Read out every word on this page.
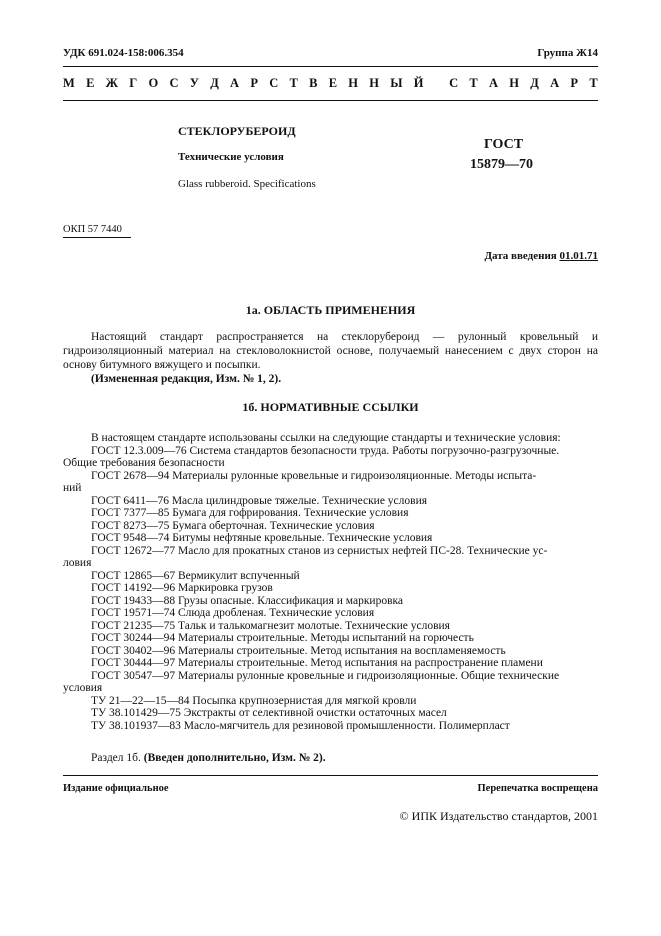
УДК 691.024-158:006.354	Группа Ж14
М Е Ж Г О С У Д А Р С Т В Е Н Н Ы Й
С Т А Н Д А Р Т
СТЕКЛОРУБЕРОИД
Технические условия
Glass rubberoid. Specifications
ГОСТ
15879—70
ОКП 57 7440
Дата введения 01.01.71
1а. ОБЛАСТЬ ПРИМЕНЕНИЯ
Настоящий стандарт распространяется на стеклорубероид — рулонный кровельный и гидроизоляционный материал на стекловолокнистой основе, получаемый нанесением с двух сторон на основу битумного вяжущего и посыпки.
(Измененная редакция, Изм. № 1, 2).
1б. НОРМАТИВНЫЕ ССЫЛКИ
В настоящем стандарте использованы ссылки на следующие стандарты и технические условия:
ГОСТ 12.3.009—76 Система стандартов безопасности труда. Работы погрузочно-разгрузочные.
Общие требования безопасности
ГОСТ 2678—94 Материалы рулонные кровельные и гидроизоляционные. Методы испыта-
ний
ГОСТ 6411—76 Масла цилиндровые тяжелые. Технические условия
ГОСТ 7377—85 Бумага для гофрирования. Технические условия
ГОСТ 8273—75 Бумага оберточная. Технические условия
ГОСТ 9548—74 Битумы нефтяные кровельные. Технические условия
ГОСТ 12672—77 Масло для прокатных станов из сернистых нефтей ПС-28. Технические ус-
ловия
ГОСТ 12865—67 Вермикулит вспученный
ГОСТ 14192—96 Маркировка грузов
ГОСТ 19433—88 Грузы опасные. Классификация и маркировка
ГОСТ 19571—74 Слюда дробленая. Технические условия
ГОСТ 21235—75 Тальк и талькомагнезит молотые. Технические условия
ГОСТ 30244—94 Материалы строительные. Методы испытаний на горючесть
ГОСТ 30402—96 Материалы строительные. Метод испытания на воспламеняемость
ГОСТ 30444—97 Материалы строительные. Метод испытания на распространение пламени
ГОСТ 30547—97 Материалы рулонные кровельные и гидроизоляционные. Общие технические
условия
ТУ 21—22—15—84 Посыпка крупнозернистая для мягкой кровли
ТУ 38.101429—75 Экстракты от селективной очистки остаточных масел
ТУ 38.101937—83 Масло-мягчитель для резиновой промышленности. Полимерпласт
Раздел 1б. (Введен дополнительно, Изм. № 2).
Издание официальное	Перепечатка воспрещена
© ИПК Издательство стандартов, 2001
